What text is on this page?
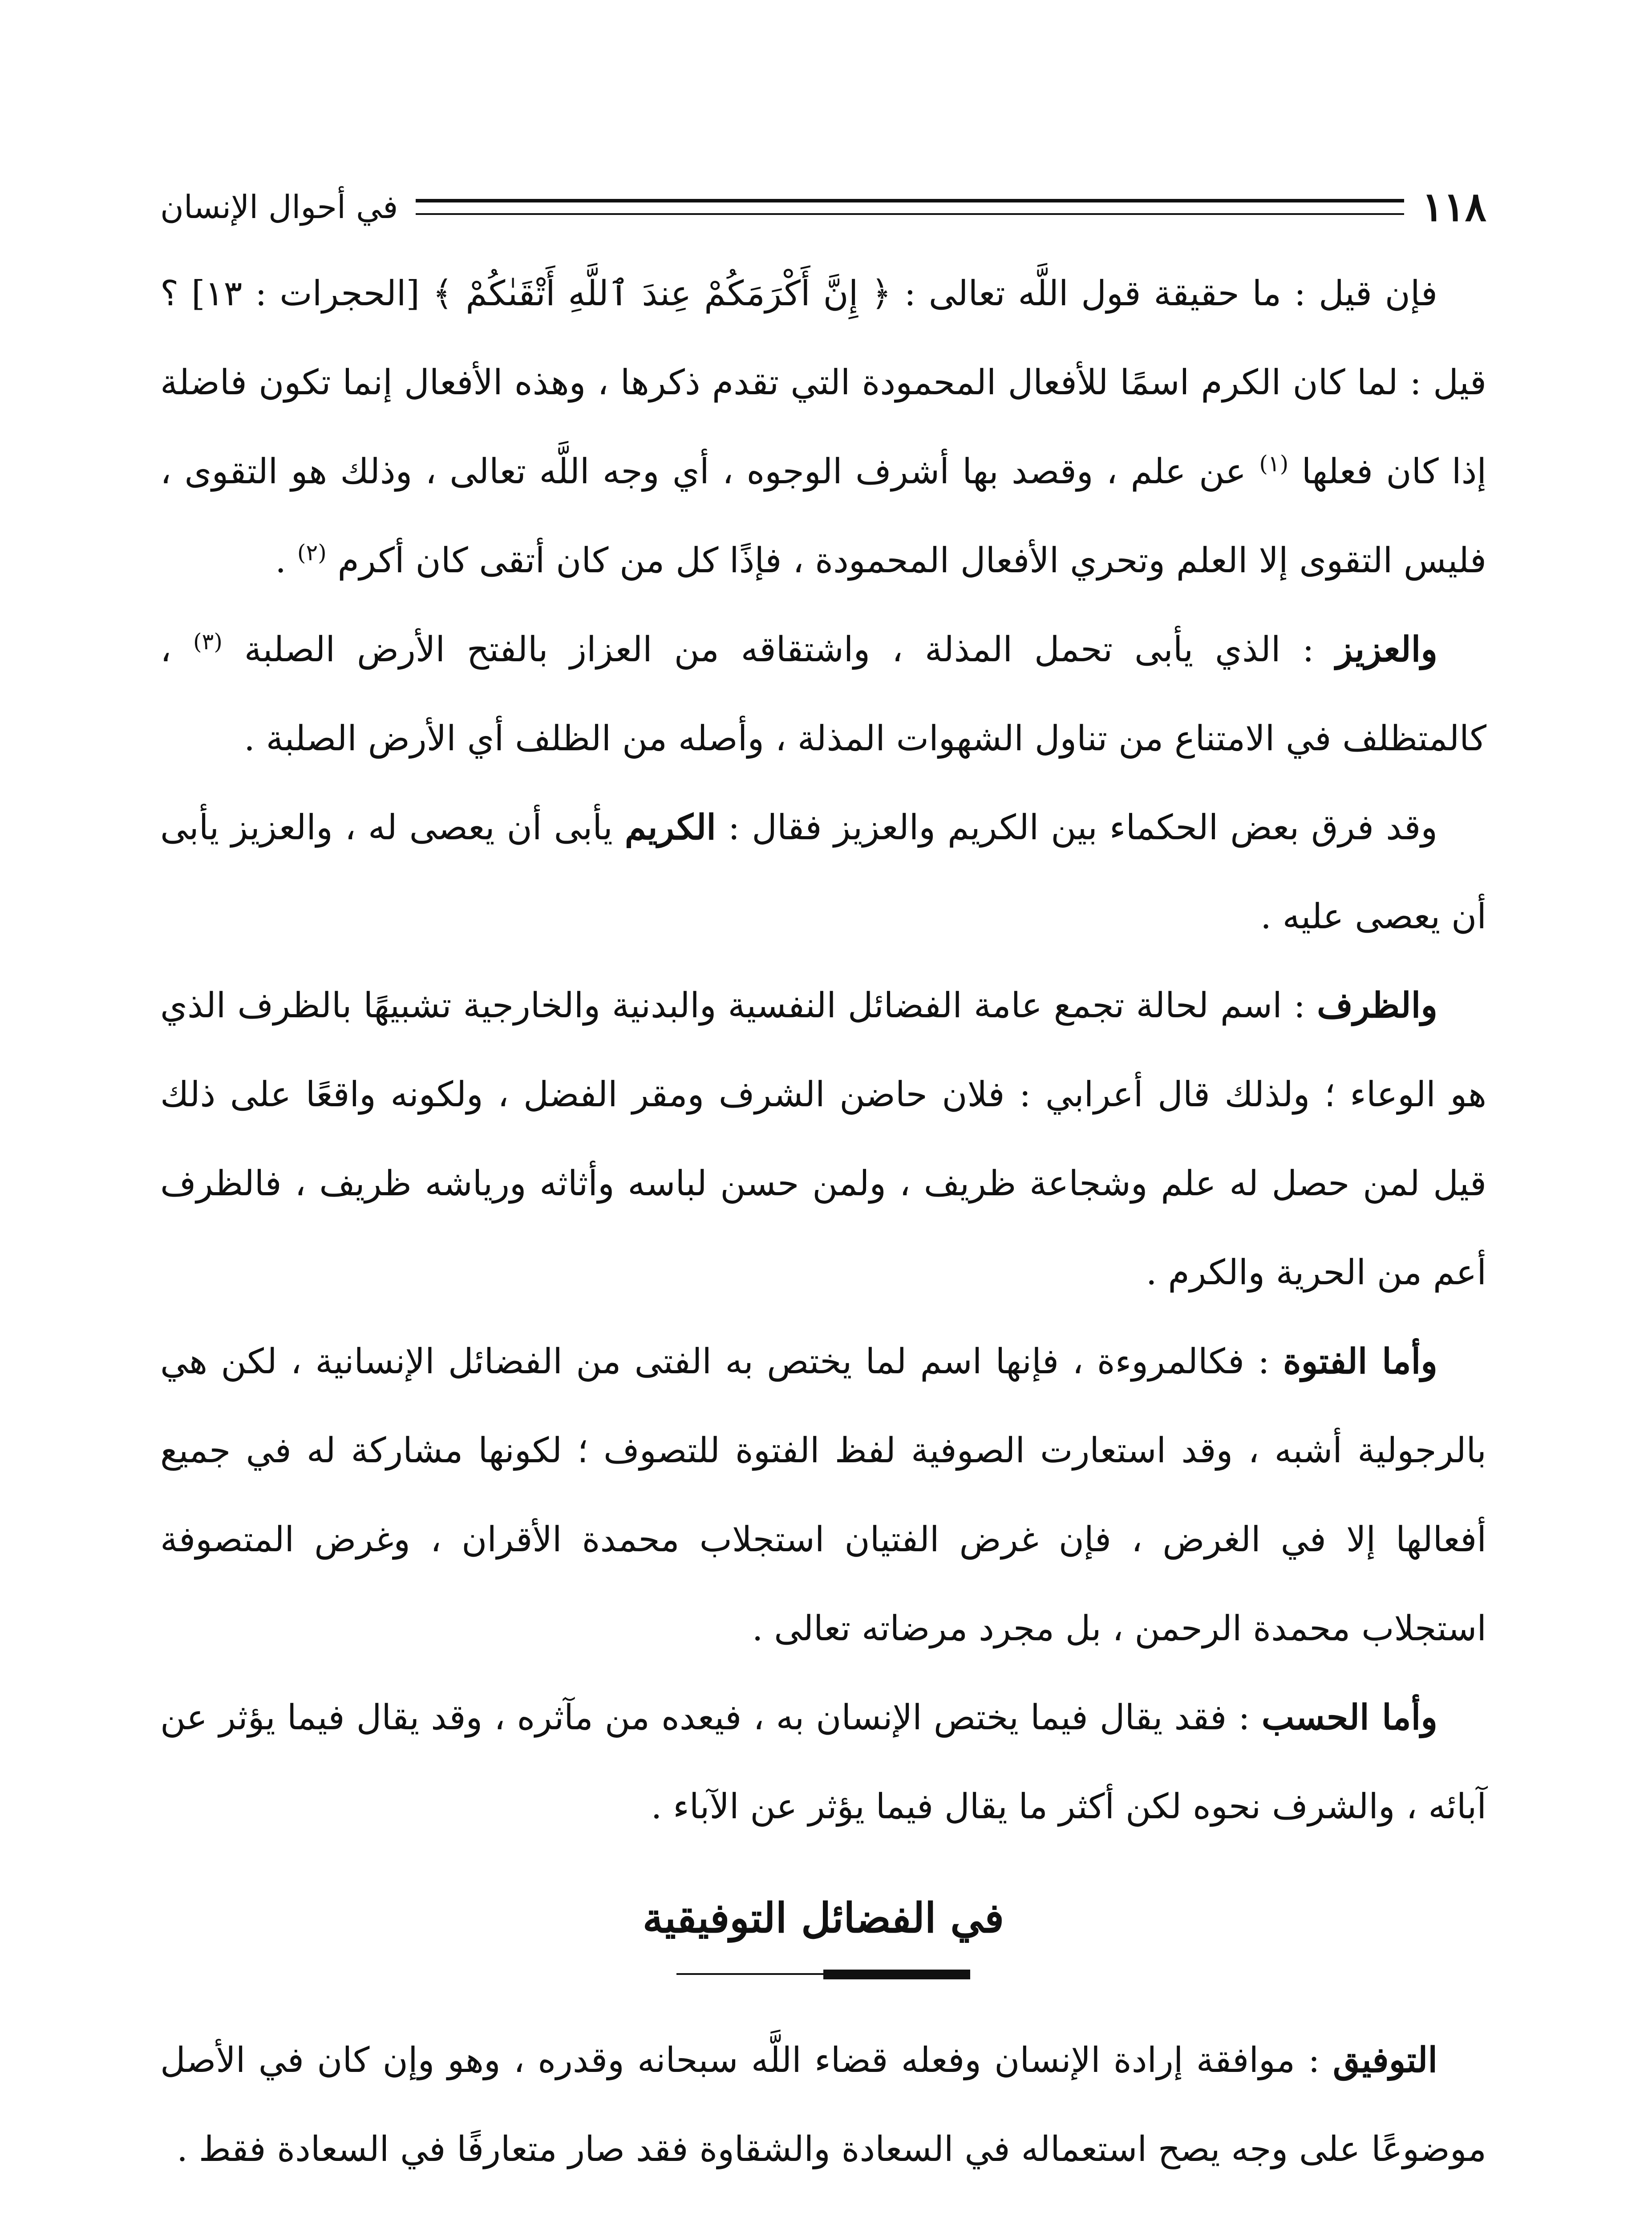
١١٨
في أحوال الإنسان

فإن قيل : ما حقيقة قول اللَّه تعالى : ﴿ إِنَّ أَكْرَمَكُمْ عِندَ ٱللَّهِ أَتْقَىٰكُمْ ﴾ [الحجرات : ١٣] ؟ قيل : لما كان الكرم اسمًا للأفعال المحمودة التي تقدم ذكرها ، وهذه الأفعال إنما تكون فاضلة إذا كان فعلها $^{(١)}$ عن علم ، وقصد بها أشرف الوجوه ، أي وجه اللَّه تعالى ، وذلك هو التقوى ، فليس التقوى إلا العلم وتحري الأفعال المحمودة ، فإذًا كل من كان أتقى كان أكرم $^{(٢)}$ .

والعزيز : الذي يأبى تحمل المذلة ، واشتقاقه من العزاز بالفتح الأرض الصلبة $^{(٣)}$ ، كالمتظلف في الامتناع من تناول الشهوات المذلة ، وأصله من الظلف أي الأرض الصلبة .

وقد فرق بعض الحكماء بين الكريم والعزيز فقال : الكريم يأبى أن يعصى له ، والعزيز يأبى أن يعصى عليه .

والظرف : اسم لحالة تجمع عامة الفضائل النفسية والبدنية والخارجية تشبيهًا بالظرف الذي هو الوعاء ؛ ولذلك قال أعرابي : فلان حاضن الشرف ومقر الفضل ، ولكونه واقعًا على ذلك قيل لمن حصل له علم وشجاعة ظريف ، ولمن حسن لباسه وأثاثه ورياشه ظريف ، فالظرف أعم من الحرية والكرم .

وأما الفتوة : فكالمروءة ، فإنها اسم لما يختص به الفتى من الفضائل الإنسانية ، لكن هي بالرجولية أشبه ، وقد استعارت الصوفية لفظ الفتوة للتصوف ؛ لكونها مشاركة له في جميع أفعالها إلا في الغرض ، فإن غرض الفتيان استجلاب محمدة الأقران ، وغرض المتصوفة استجلاب محمدة الرحمن ، بل مجرد مرضاته تعالى .

وأما الحسب : فقد يقال فيما يختص الإنسان به ، فيعده من مآثره ، وقد يقال فيما يؤثر عن آبائه ، والشرف نحوه لكن أكثر ما يقال فيما يؤثر عن الآباء .

في الفضائل التوفيقية

التوفيق : موافقة إرادة الإنسان وفعله قضاء اللَّه سبحانه وقدره ، وهو وإن كان في الأصل موضوعًا على وجه يصح استعماله في السعادة والشقاوة فقد صار متعارفًا في السعادة فقط .
